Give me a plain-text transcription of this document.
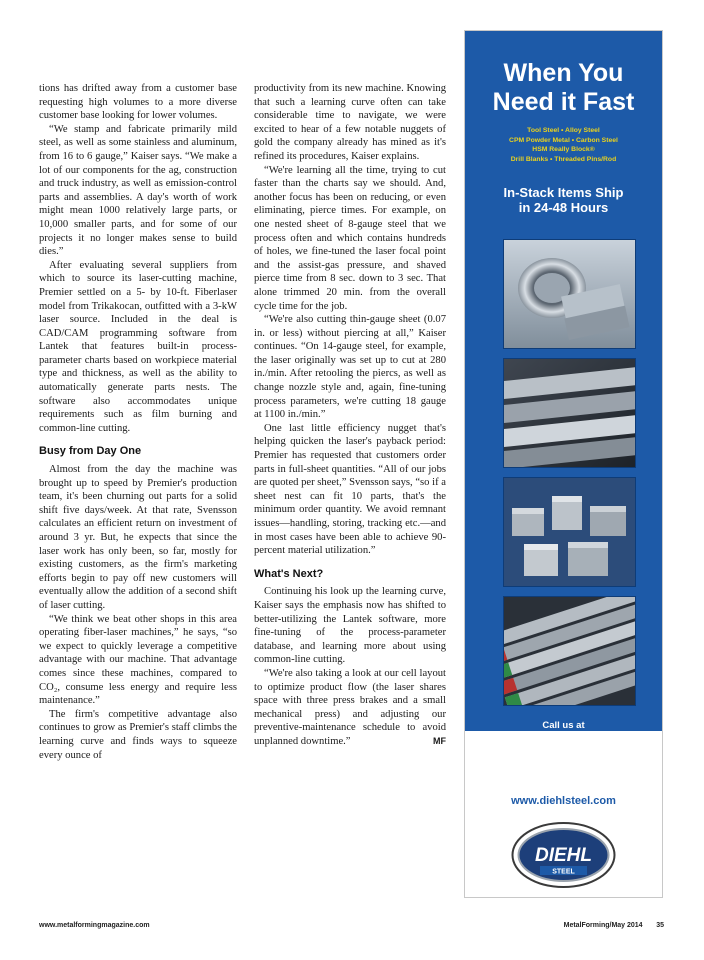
tions has drifted away from a customer base requesting high volumes to a more diverse customer base looking for lower volumes.

“We stamp and fabricate primarily mild steel, as well as some stainless and aluminum, from 16 to 6 gauge,” Kaiser says. “We make a lot of our components for the ag, construction and truck industry, as well as emission-control parts and assemblies. A day's worth of work might mean 1000 relatively large parts, or 10,000 smaller parts, and for some of our projects it no longer makes sense to build dies.”

After evaluating several suppliers from which to source its laser-cutting machine, Premier settled on a 5- by 10-ft. Fiberlaser model from Trikakocan, outfitted with a 3-kW laser source. Included in the deal is CAD/CAM programming software from Lantek that features built-in process-parameter charts based on workpiece material type and thickness, as well as the ability to automatically generate parts nests. The software also accommodates unique requirements such as film burning and common-line cutting.

Busy from Day One

Almost from the day the machine was brought up to speed by Premier's production team, it's been churning out parts for a solid shift five days/week. At that rate, Svensson calculates an efficient return on investment of around 3 yr. But, he expects that since the laser work has only been, so far, mostly for existing customers, as the firm's marketing efforts begin to pay off new customers will eventually allow the addition of a second shift of laser cutting.

“We think we beat other shops in this area operating fiber-laser machines,” he says, “so we expect to quickly leverage a competitive advantage with our machine. That advantage comes since these machines, compared to CO₂, consume less energy and require less maintenance.”

The firm's competitive advantage also continues to grow as Premier's staff climbs the learning curve and finds ways to squeeze every ounce of

productivity from its new machine. Knowing that such a learning curve often can take considerable time to navigate, we were excited to hear of a few notable nuggets of gold the company already has mined as it's refined its procedures, Kaiser explains.

“We're learning all the time, trying to cut faster than the charts say we should. And, another focus has been on reducing, or even eliminating, pierce times. For example, on one nested sheet of 8-gauge steel that we process often and which contains hundreds of holes, we fine-tuned the laser focal point and the assist-gas pressure, and shaved pierce time from 8 sec. down to 3 sec. That alone trimmed 20 min. from the overall cycle time for the job.

“We're also cutting thin-gauge sheet (0.07 in. or less) without piercing at all,” Kaiser continues. “On 14-gauge steel, for example, the laser originally was set up to cut at 280 in./min. After retooling the piercs, as well as change nozzle style and, again, fine-tuning process parameters, we're cutting 18 gauge at 1100 in./min.”

One last little efficiency nugget that's helping quicken the laser's payback period: Premier has requested that customers order parts in full-sheet quantities. “All of our jobs are quoted per sheet,” Svensson says, “so if a sheet nest can fit 10 parts, that's the minimum order quantity. We avoid remnant issues—handling, storing, tracking etc.—and in most cases have been able to achieve 90-percent material utilization.”

What's Next?

Continuing his look up the learning curve, Kaiser says the emphasis now has shifted to better-utilizing the Lantek software, more fine-tuning of the process-parameter database, and learning more about using common-line cutting.

“We're also taking a look at our cell layout to optimize product flow (the laser shares space with three press brakes and a small mechanical press) and adjusting our preventive-maintenance schedule to avoid unplanned downtime.”	MF

When You
Need it Fast
Tool Steel • Alloy Steel
CPM Powder Metal • Carbon Steel
HSM Really Block®
Drill Blanks • Threaded Pins/Rod
In-Stack Items Ship
in 24-48 Hours
Call us at
(513) 242-8900
or
1-800-543-1566
www.diehlsteel.com
DIEHL
STEEL
www.metalformingmagazine.com	MetalForming/May 2014 35
